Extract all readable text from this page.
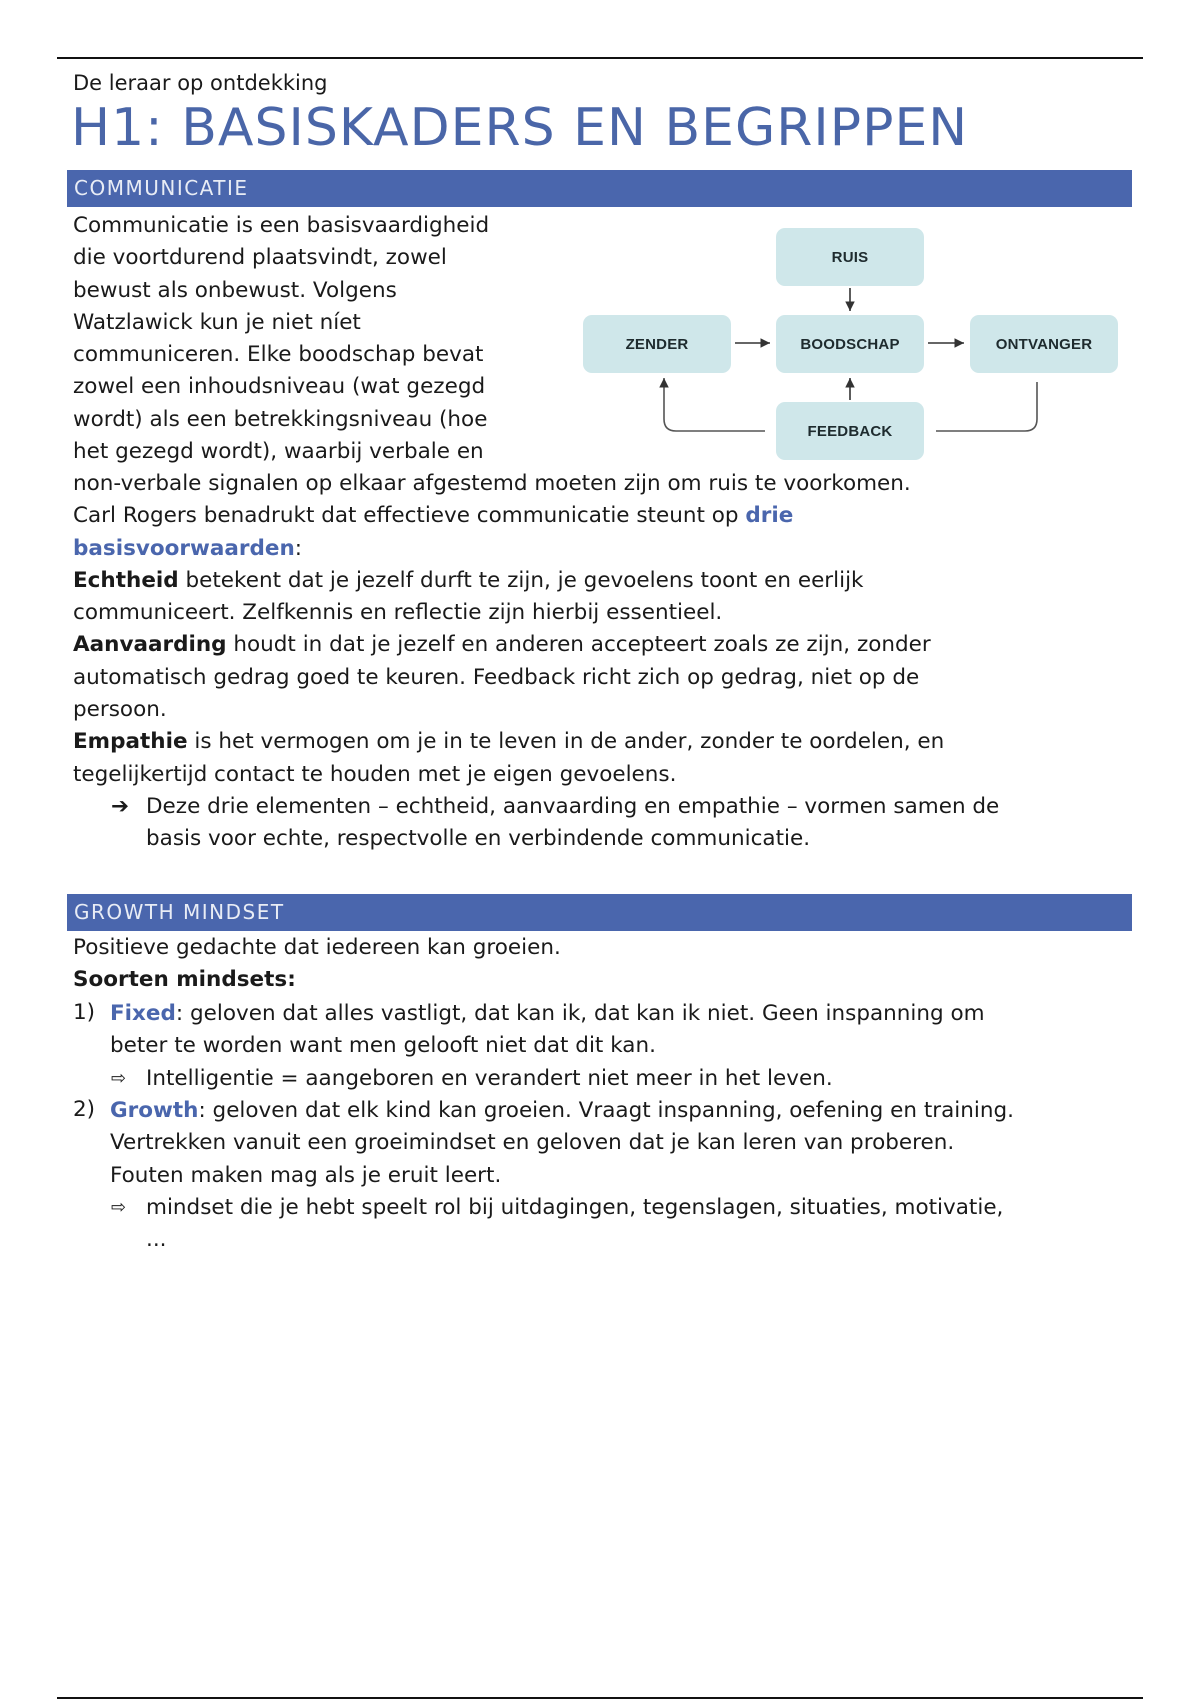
De leraar op ontdekking
H1: BASISKADERS EN BEGRIPPEN
COMMUNICATIE
Communicatie is een basisvaardigheid
die voortdurend plaatsvindt, zowel
bewust als onbewust. Volgens
Watzlawick kun je niet níet
communiceren. Elke boodschap bevat
zowel een inhoudsniveau (wat gezegd
wordt) als een betrekkingsniveau (hoe
het gezegd wordt), waarbij verbale en
RUIS
ZENDER	BOODSCHAP	ONTVANGER
FEEDBACK
non-verbale signalen op elkaar afgestemd moeten zijn om ruis te voorkomen.
Carl Rogers benadrukt dat effectieve communicatie steunt op drie
basisvoorwaarden:
Echtheid betekent dat je jezelf durft te zijn, je gevoelens toont en eerlijk
communiceert. Zelfkennis en reflectie zijn hierbij essentieel.
Aanvaarding houdt in dat je jezelf en anderen accepteert zoals ze zijn, zonder
automatisch gedrag goed te keuren. Feedback richt zich op gedrag, niet op de
persoon.
Empathie is het vermogen om je in te leven in de ander, zonder te oordelen, en
tegelijkertijd contact te houden met je eigen gevoelens.
➔ Deze drie elementen – echtheid, aanvaarding en empathie – vormen samen de
basis voor echte, respectvolle en verbindende communicatie.
GROWTH MINDSET
Positieve gedachte dat iedereen kan groeien.
Soorten mindsets:
1) Fixed: geloven dat alles vastligt, dat kan ik, dat kan ik niet. Geen inspanning om
beter te worden want men gelooft niet dat dit kan.
⇨ Intelligentie = aangeboren en verandert niet meer in het leven.
2) Growth: geloven dat elk kind kan groeien. Vraagt inspanning, oefening en training.
Vertrekken vanuit een groeimindset en geloven dat je kan leren van proberen.
Fouten maken mag als je eruit leert.
⇨ mindset die je hebt speelt rol bij uitdagingen, tegenslagen, situaties, motivatie,
...
